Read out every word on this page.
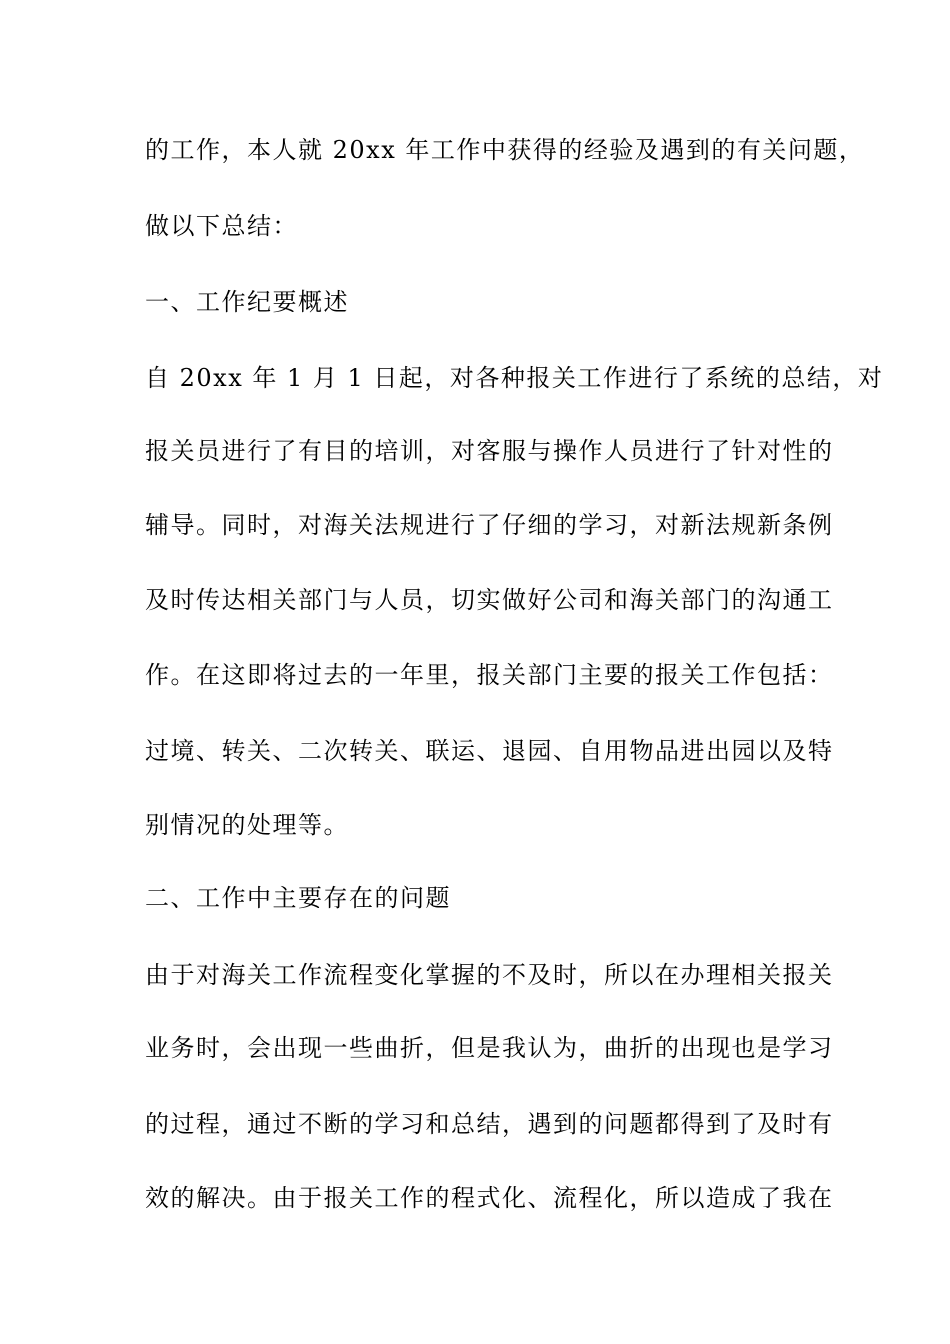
的工作，本人就 20xx 年工作中获得的经验及遇到的有关问题，
做以下总结：
一、工作纪要概述
自 20xx 年 1 月 1 日起，对各种报关工作进行了系统的总结，对
报关员进行了有目的培训，对客服与操作人员进行了针对性的
辅导。同时，对海关法规进行了仔细的学习，对新法规新条例
及时传达相关部门与人员，切实做好公司和海关部门的沟通工
作。在这即将过去的一年里，报关部门主要的报关工作包括：
过境、转关、二次转关、联运、退园、自用物品进出园以及特
别情况的处理等。
二、工作中主要存在的问题
由于对海关工作流程变化掌握的不及时，所以在办理相关报关
业务时，会出现一些曲折，但是我认为，曲折的出现也是学习
的过程，通过不断的学习和总结，遇到的问题都得到了及时有
效的解决。由于报关工作的程式化、流程化，所以造成了我在
